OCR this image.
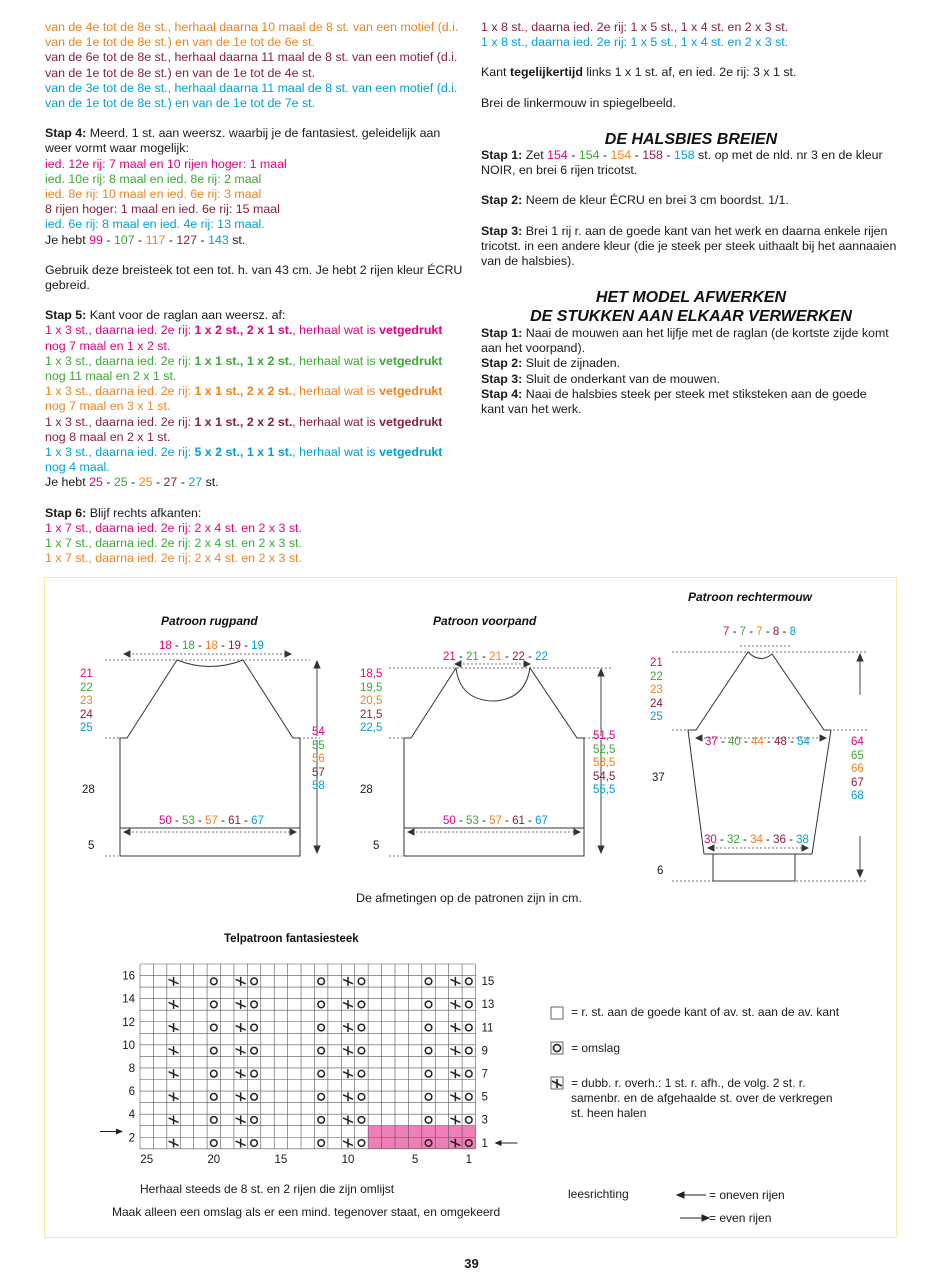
van de 4e tot de 8e st., herhaal daarna 10 maal de 8 st. van een motief (d.i.
van de 1e tot de 8e st.) en van de 1e tot de 6e st.
van de 6e tot de 8e st., herhaal daarna 11 maal de 8 st. van een motief (d.i.
van de 1e tot de 8e st.) en van de 1e tot de 4e st.
van de 3e tot de 8e st., herhaal daarna 11 maal de 8 st. van een motief (d.i.
van de 1e tot de 8e st.) en van de 1e tot de 7e st.
Stap 4: Meerd. 1 st. aan weersz. waarbij je de fantasiest. geleidelijk aan
weer vormt waar mogelijk:
ied. 12e rij: 7 maal en 10 rijen hoger: 1 maal
ied. 10e rij: 8 maal en ied. 8e rij: 2 maal
ied. 8e rij: 10 maal en ied. 6e rij: 3 maal
8 rijen hoger: 1 maal en ied. 6e rij: 15 maal
ied. 6e rij: 8 maal en ied. 4e rij: 13 maal.
Je hebt 99 - 107 - 117 - 127 - 143 st.
Gebruik deze breisteek tot een tot. h. van 43 cm. Je hebt 2 rijen kleur ÉCRU
gebreid.
Stap 5: Kant voor de raglan aan weersz. af:
1 x 3 st., daarna ied. 2e rij: 1 x 2 st., 2 x 1 st., herhaal wat is vetgedrukt
nog 7 maal en 1 x 2 st.
1 x 3 st., daarna ied. 2e rij: 1 x 1 st., 1 x 2 st., herhaal wat is vetgedrukt
nog 11 maal en 2 x 1 st.
1 x 3 st., daarna ied. 2e rij: 1 x 1 st., 2 x 2 st., herhaal wat is vetgedrukt
nog 7 maal en 3 x 1 st.
1 x 3 st., daarna ied. 2e rij: 1 x 1 st., 2 x 2 st., herhaal wat is vetgedrukt
nog 8 maal en 2 x 1 st.
1 x 3 st., daarna ied. 2e rij: 5 x 2 st., 1 x 1 st., herhaal wat is vetgedrukt
nog 4 maal.
Je hebt 25 - 25 - 25 - 27 - 27 st.
Stap 6: Blijf rechts afkanten:
1 x 7 st., daarna ied. 2e rij: 2 x 4 st. en 2 x 3 st.
1 x 7 st., daarna ied. 2e rij: 2 x 4 st. en 2 x 3 st.
1 x 7 st., daarna ied. 2e rij: 2 x 4 st. en 2 x 3 st.
1 x 8 st., daarna ied. 2e rij: 1 x 5 st., 1 x 4 st. en 2 x 3 st.
1 x 8 st., daarna ied. 2e rij: 1 x 5 st., 1 x 4 st. en 2 x 3 st.
Kant tegelijkertijd links 1 x 1 st. af, en ied. 2e rij: 3 x 1 st.
Brei de linkermouw in spiegelbeeld.
DE HALSBIES BREIEN
Stap 1: Zet 154 - 154 - 154 - 158 - 158 st. op met de nld. nr 3 en de kleur
NOIR, en brei 6 rijen tricotst.
Stap 2: Neem de kleur ÉCRU en brei 3 cm boordst. 1/1.
Stap 3: Brei 1 rij r. aan de goede kant van het werk en daarna enkele rijen
tricotst. in een andere kleur (die je steek per steek uithaalt bij het aannaaien
van de halsbies).
HET MODEL AFWERKEN
DE STUKKEN AAN ELKAAR VERWERKEN
Stap 1: Naai de mouwen aan het lijfje met de raglan (de kortste zijde komt
aan het voorpand).
Stap 2: Sluit de zijnaden.
Stap 3: Sluit de onderkant van de mouwen.
Stap 4: Naai de halsbies steek per steek met stiksteken aan de goede
kant van het werk.
Patroon rugpand	Patroon voorpand
Patroon rechtermouw
18 - 18 - 18 - 19 - 19
21
22
23
24
25	54
55
56
57
58
50 - 53 - 57 - 61 - 67
28
5
21 - 21 - 21 - 22 - 22
18,5
19,5
20,5
21,5
22,5
51,5
52,5
53,5
54,5
55,5
50 - 53 - 57 - 61 - 67
28
5
7 - 7 - 7 - 8 - 8
21
22
23
24
25
37 - 40 - 44 - 48 - 54	64
65
66
67
68
30 - 32 - 34 - 36 - 38
37
6
De afmetingen op de patronen zijn in cm.
Telpatroon fantasiesteek
16
14
12
10
8
6
4
2
15
13
11
9
7
5
3
1
25	20	15	10	5	1
Herhaal steeds de 8 st. en 2 rijen die zijn omlijst
Maak alleen een omslag als er een mind. tegenover staat, en omgekeerd
= r. st. aan de goede kant of av. st. aan de av. kant
= omslag
= dubb. r. overh.: 1 st. r. afh., de volg. 2 st. r.
samenbr. en de afgehaalde st. over de verkregen
st. heen halen
leesrichting	= oneven rijen
= even rijen
39
